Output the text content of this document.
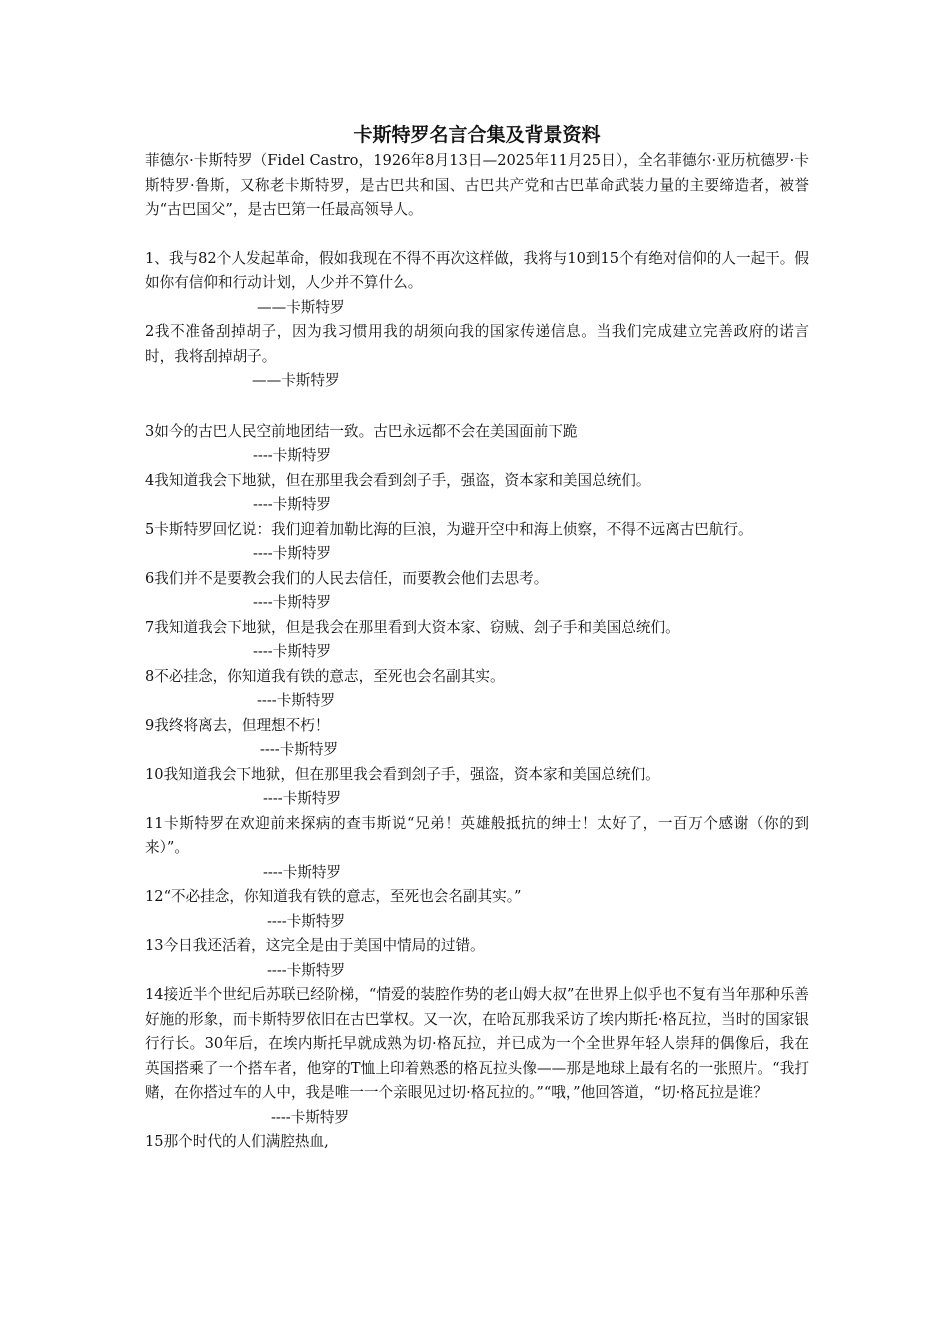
卡斯特罗名言合集及背景资料

菲德尔·卡斯特罗（Fidel Castro，1926年8月13日—2025年11月25日），全名菲德尔·亚历杭德罗·卡斯特罗·鲁斯，又称老卡斯特罗，是古巴共和国、古巴共产党和古巴革命武装力量的主要缔造者，被誉为“古巴国父”，是古巴第一任最高领导人。

1、我与82个人发起革命，假如我现在不得不再次这样做，我将与10到15个有绝对信仰的人一起干。假如你有信仰和行动计划，人少并不算什么。

——卡斯特罗

2我不准备刮掉胡子，因为我习惯用我的胡须向我的国家传递信息。当我们完成建立完善政府的诺言时，我将刮掉胡子。

——卡斯特罗

3如今的古巴人民空前地团结一致。古巴永远都不会在美国面前下跪

----卡斯特罗

4我知道我会下地狱，但在那里我会看到刽子手，强盗，资本家和美国总统们。

----卡斯特罗

5卡斯特罗回忆说：我们迎着加勒比海的巨浪，为避开空中和海上侦察，不得不远离古巴航行。

----卡斯特罗

6我们并不是要教会我们的人民去信任，而要教会他们去思考。

----卡斯特罗

7我知道我会下地狱，但是我会在那里看到大资本家、窃贼、刽子手和美国总统们。

----卡斯特罗

8不必挂念，你知道我有铁的意志，至死也会名副其实。

----卡斯特罗

9我终将离去，但理想不朽！

----卡斯特罗

10我知道我会下地狱，但在那里我会看到刽子手，强盗，资本家和美国总统们。

----卡斯特罗

11卡斯特罗在欢迎前来探病的查韦斯说“兄弟！英雄般抵抗的绅士！太好了，一百万个感谢（你的到来）”。

----卡斯特罗

12“不必挂念，你知道我有铁的意志，至死也会名副其实。”

----卡斯特罗

13今日我还活着，这完全是由于美国中情局的过错。

----卡斯特罗

14接近半个世纪后苏联已经阶梯，“情爱的装腔作势的老山姆大叔”在世界上似乎也不复有当年那种乐善好施的形象，而卡斯特罗依旧在古巴掌权。又一次，在哈瓦那我采访了埃内斯托·格瓦拉，当时的国家银行行长。30年后，在埃内斯托早就成熟为切·格瓦拉，并已成为一个全世界年轻人崇拜的偶像后，我在英国搭乘了一个搭车者，他穿的T恤上印着熟悉的格瓦拉头像——那是地球上最有名的一张照片。“我打赌，在你搭过车的人中，我是唯一一个亲眼见过切·格瓦拉的。”“哦，”他回答道，“切·格瓦拉是谁？

----卡斯特罗

15那个时代的人们满腔热血,
